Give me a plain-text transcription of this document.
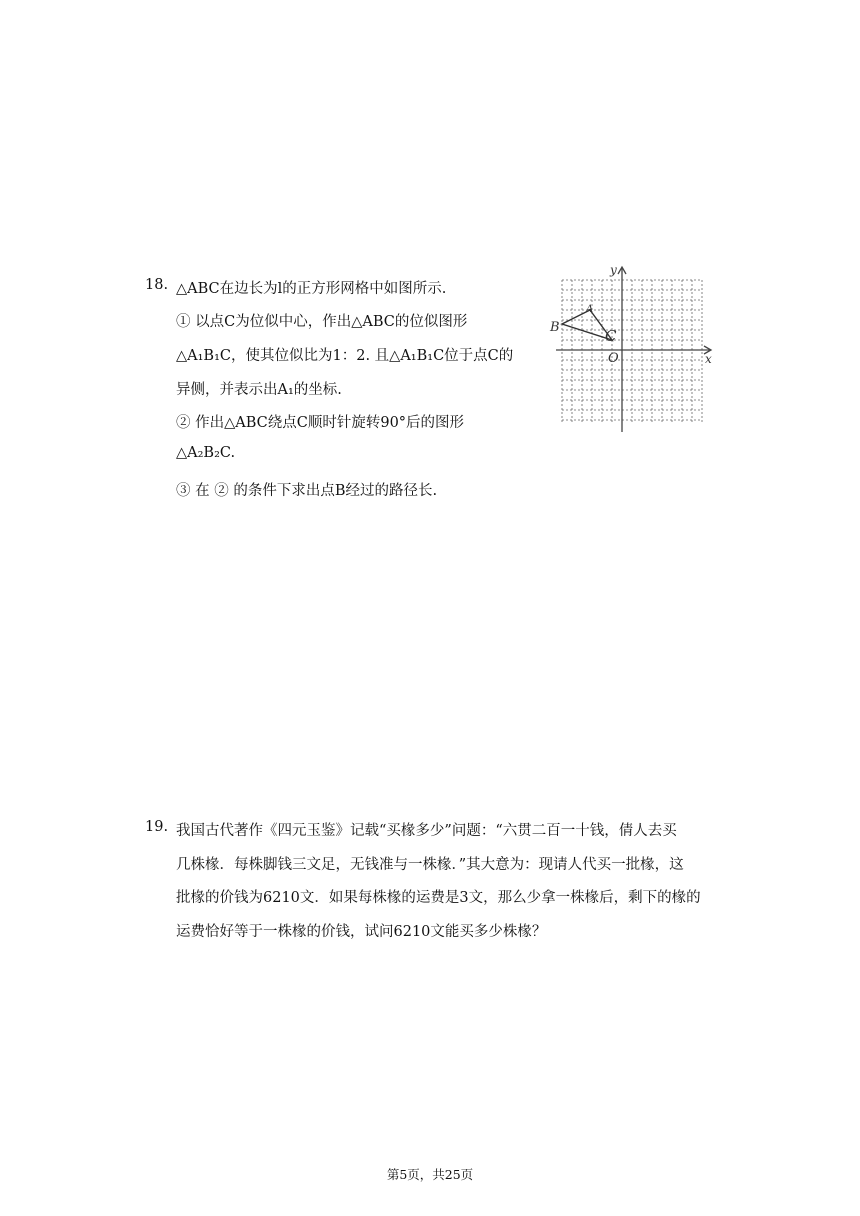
18. △ABC在边长为l的正方形网格中如图所示.
① 以点C为位似中心，作出△ABC的位似图形
△A₁B₁C，使其位似比为1：2. 且△A₁B₁C位于点C的
异侧，并表示出A₁的坐标.
② 作出△ABC绕点C顺时针旋转90°后的图形
△A₂B₂C.
③ 在 ② 的条件下求出点B经过的路径长.
y
x
O
A
B	C
19. 我国古代著作《四元玉鉴》记载“买椽多少”问题：“六贯二百一十钱，倩人去买
几株椽．每株脚钱三文足，无钱准与一株椽．”其大意为：现请人代买一批椽，这
批椽的价钱为6210文．如果每株椽的运费是3文，那么少拿一株椽后，剩下的椽的
运费恰好等于一株椽的价钱，试问6210文能买多少株椽？
第5页，共25页
